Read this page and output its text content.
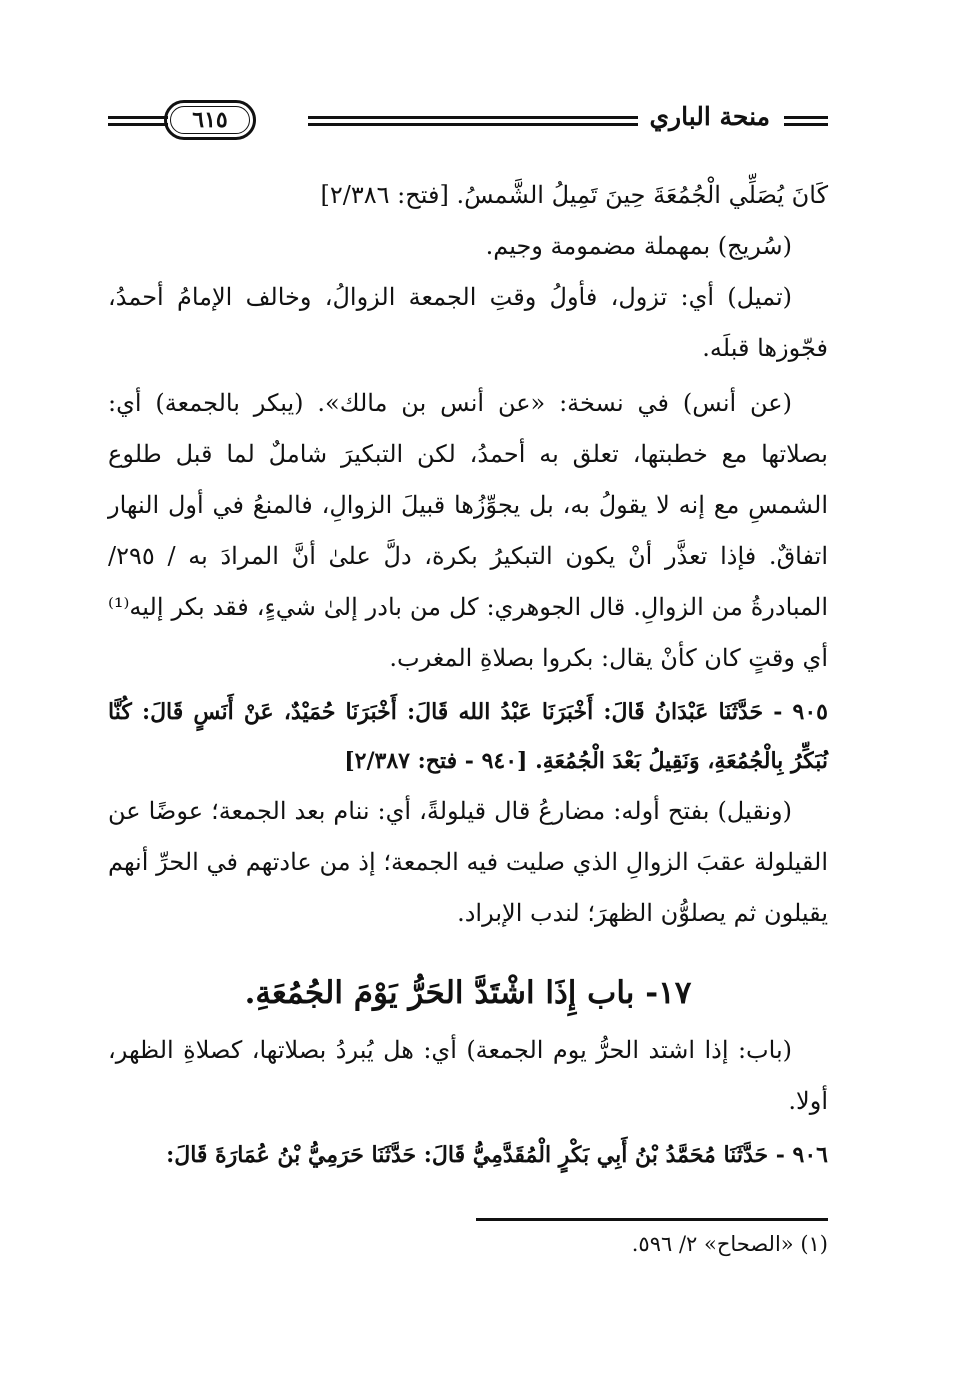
منحة الباري
٦١٥

كَانَ يُصَلِّي الْجُمُعَةَ حِينَ تَمِيلُ الشَّمسُ. [فتح: ٢/٣٨٦]

(سُريج) بمهملة مضمومة وجيم.

(تميل) أي: تزول، فأولُ وقتِ الجمعة الزوالُ، وخالف الإمامُ أحمدُ، فجّوزها قبلَه.

(عن أنس) في نسخة: «عن أنس بن مالك». (يبكر بالجمعة) أي: بصلاتها مع خطبتها، تعلق به أحمدُ، لكن التبكيرَ شاملٌ لما قبل طلوع الشمسِ مع إنه لا يقولُ به، بل يجوِّزُها قبيلَ الزوالِ، فالمنعُ في أول النهار اتفاقٌ. فإذا تعذَّر أنْ يكون التبكيرُ بكرة، دلَّ علىٰ أنَّ المرادَ به / ٢٩٥/ المبادرةُ من الزوالِ. قال الجوهري: كل من بادر إلىٰ شيءٍ، فقد بكر إليه⁽¹⁾ أي وقتٍ كان كأنْ يقال: بكروا بصلاةِ المغرب.

٩٠٥ - حَدَّثَنَا عَبْدَانُ قَالَ: أَخْبَرَنَا عَبْدُ الله قَالَ: أَخْبَرَنَا حُمَيْدٌ، عَنْ أَنَسٍ قَالَ: كُنَّا نُبَكِّرُ بِالْجُمُعَةِ، وَنَقِيلُ بَعْدَ الْجُمُعَةِ. [٩٤٠ - فتح: ٢/٣٨٧]

(ونقيل) بفتح أوله: مضارعُ قال قيلولةً، أي: ننام بعد الجمعة؛ عوضًا عن القيلولة عقبَ الزوالِ الذي صليت فيه الجمعة؛ إذ من عادتهم في الحرِّ أنهم يقيلون ثم يصلوُّن الظهرَ؛ لندب الإبراد.

١٧- باب إِذَا اشْتَدَّ الحَرُّ يَوْمَ الجُمُعَةِ.

(باب: إذا اشتد الحرُّ يوم الجمعة) أي: هل يُبردُ بصلاتها، كصلاةِ الظهر، أولا.

٩٠٦ - حَدَّثَنَا مُحَمَّدُ بْنُ أَبِي بَكْرٍ الْمُقَدَّمِيُّ قَالَ: حَدَّثَنَا حَرَمِيُّ بْنُ عُمَارَةَ قَالَ:

(١) «الصحاح» ٢/ ٥٩٦.
